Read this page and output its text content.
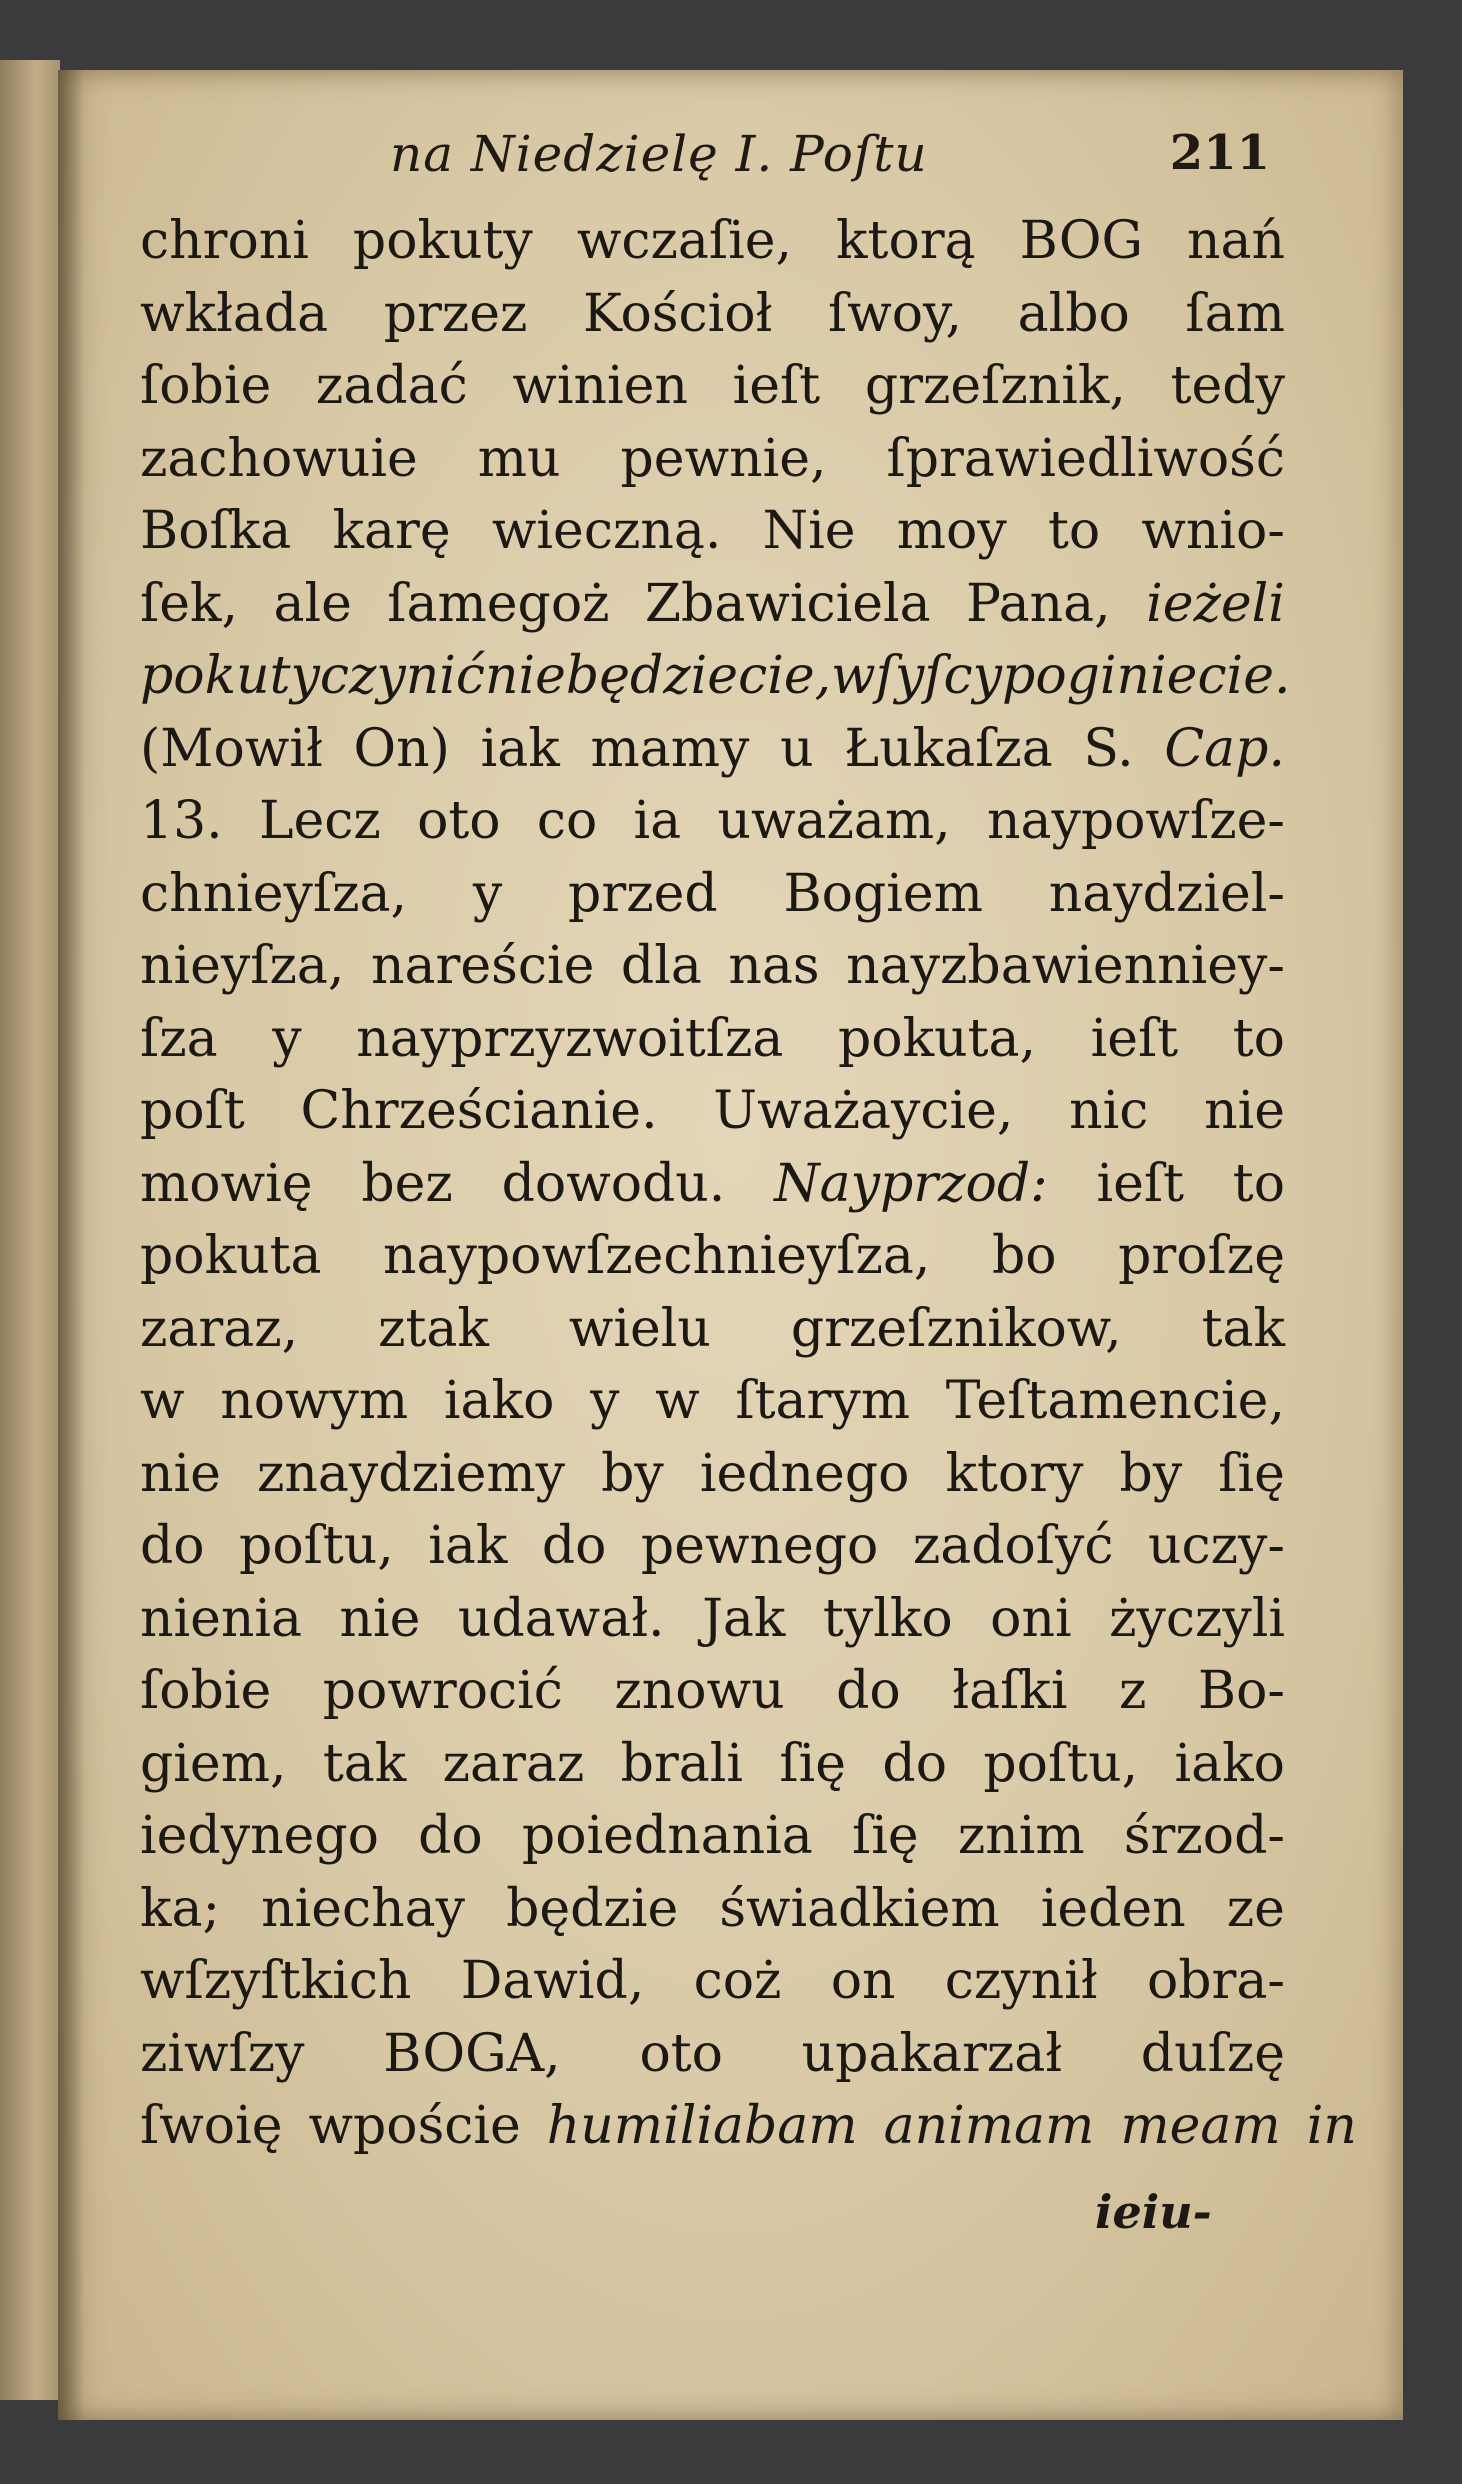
na Niedzielę I. Poſtu	211
chroni pokuty wczaſie, ktorą BOG nań
wkłada przez Kościoł ſwoy, albo ſam
ſobie zadać winien ieſt grzeſznik, tedy
zachowuie mu pewnie, ſprawiedliwość
Boſka karę wieczną. Nie moy to wnio-
ſek, ale ſamegoż Zbawiciela Pana, ieżeli
pokuty czynić nie będziecie, wſyſcy poginiecie.
(Mowił On) iak mamy u Łukaſza S. Cap.
13. Lecz oto co ia uważam, naypowſze-
chnieyſza, y przed Bogiem naydziel-
nieyſza, nareście dla nas nayzbawienniey-
ſza y nayprzyzwoitſza pokuta, ieſt to
poſt Chrześcianie. Uważaycie, nic nie
mowię bez dowodu. Nayprzod: ieſt to
pokuta naypowſzechnieyſza, bo proſzę
zaraz, ztak wielu grzeſznikow, tak
w nowym iako y w ſtarym Teſtamencie,
nie znaydziemy by iednego ktory by ſię
do poſtu, iak do pewnego zadoſyć uczy-
nienia nie udawał. Jak tylko oni życzyli
ſobie powrocić znowu do łaſki z Bo-
giem, tak zaraz brali ſię do poſtu, iako
iedynego do poiednania ſię znim śrzod-
ka; niechay będzie świadkiem ieden ze
wſzyſtkich Dawid, coż on czynił obra-
ziwſzy BOGA, oto upakarzał duſzę
ſwoię wpoście humiliabam animam meam in
ieiu-
